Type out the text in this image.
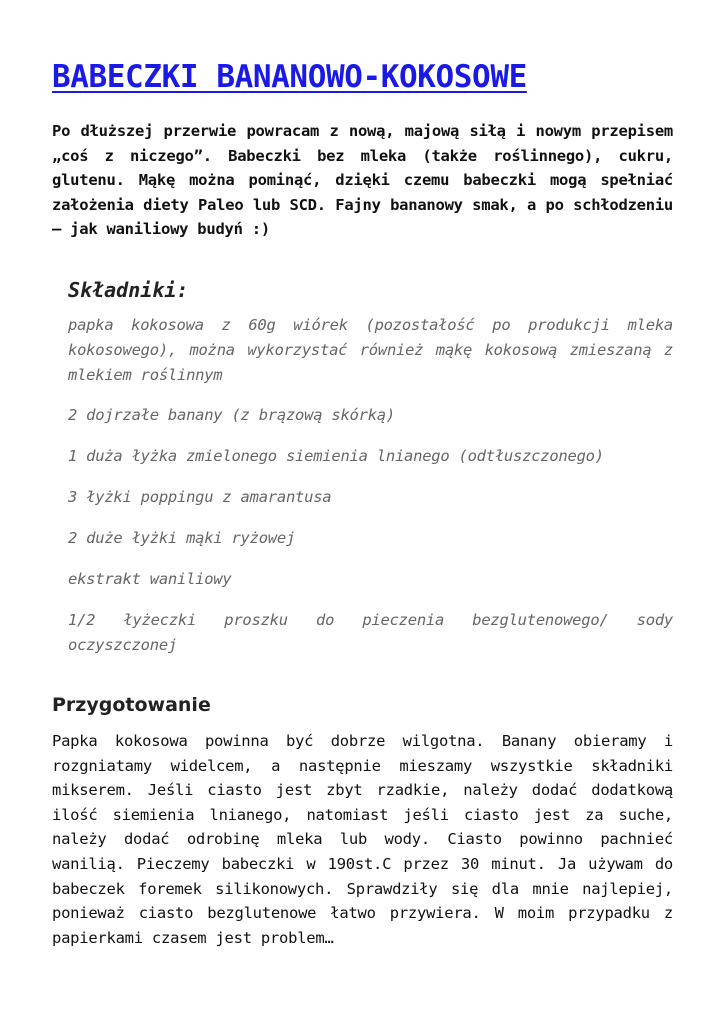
BABECZKI BANANOWO-KOKOSOWE

Po dłuższej przerwie powracam z nową, majową siłą i nowym przepisem „coś z niczego”. Babeczki bez mleka (także roślinnego), cukru, glutenu. Mąkę można pominąć, dzięki czemu babeczki mogą spełniać założenia diety Paleo lub SCD. Fajny bananowy smak, a po schłodzeniu – jak waniliowy budyń :)

Składniki:

papka kokosowa z 60g wiórek (pozostałość po produkcji mleka kokosowego), można wykorzystać również mąkę kokosową zmieszaną z mlekiem roślinnym

2 dojrzałe banany (z brązową skórką)

1 duża łyżka zmielonego siemienia lnianego (odtłuszczonego)

3 łyżki poppingu z amarantusa

2 duże łyżki mąki ryżowej

ekstrakt waniliowy

1/2 łyżeczki proszku do pieczenia bezglutenowego/ sody oczyszczonej

Przygotowanie

Papka kokosowa powinna być dobrze wilgotna. Banany obieramy i rozgniatamy widelcem, a następnie mieszamy wszystkie składniki mikserem. Jeśli ciasto jest zbyt rzadkie, należy dodać dodatkową ilość siemienia lnianego, natomiast jeśli ciasto jest za suche, należy dodać odrobinę mleka lub wody. Ciasto powinno pachnieć wanilią. Pieczemy babeczki w 190st.C przez 30 minut. Ja używam do babeczek foremek silikonowych. Sprawdziły się dla mnie najlepiej, ponieważ ciasto bezglutenowe łatwo przywiera. W moim przypadku z papierkami czasem jest problem…
